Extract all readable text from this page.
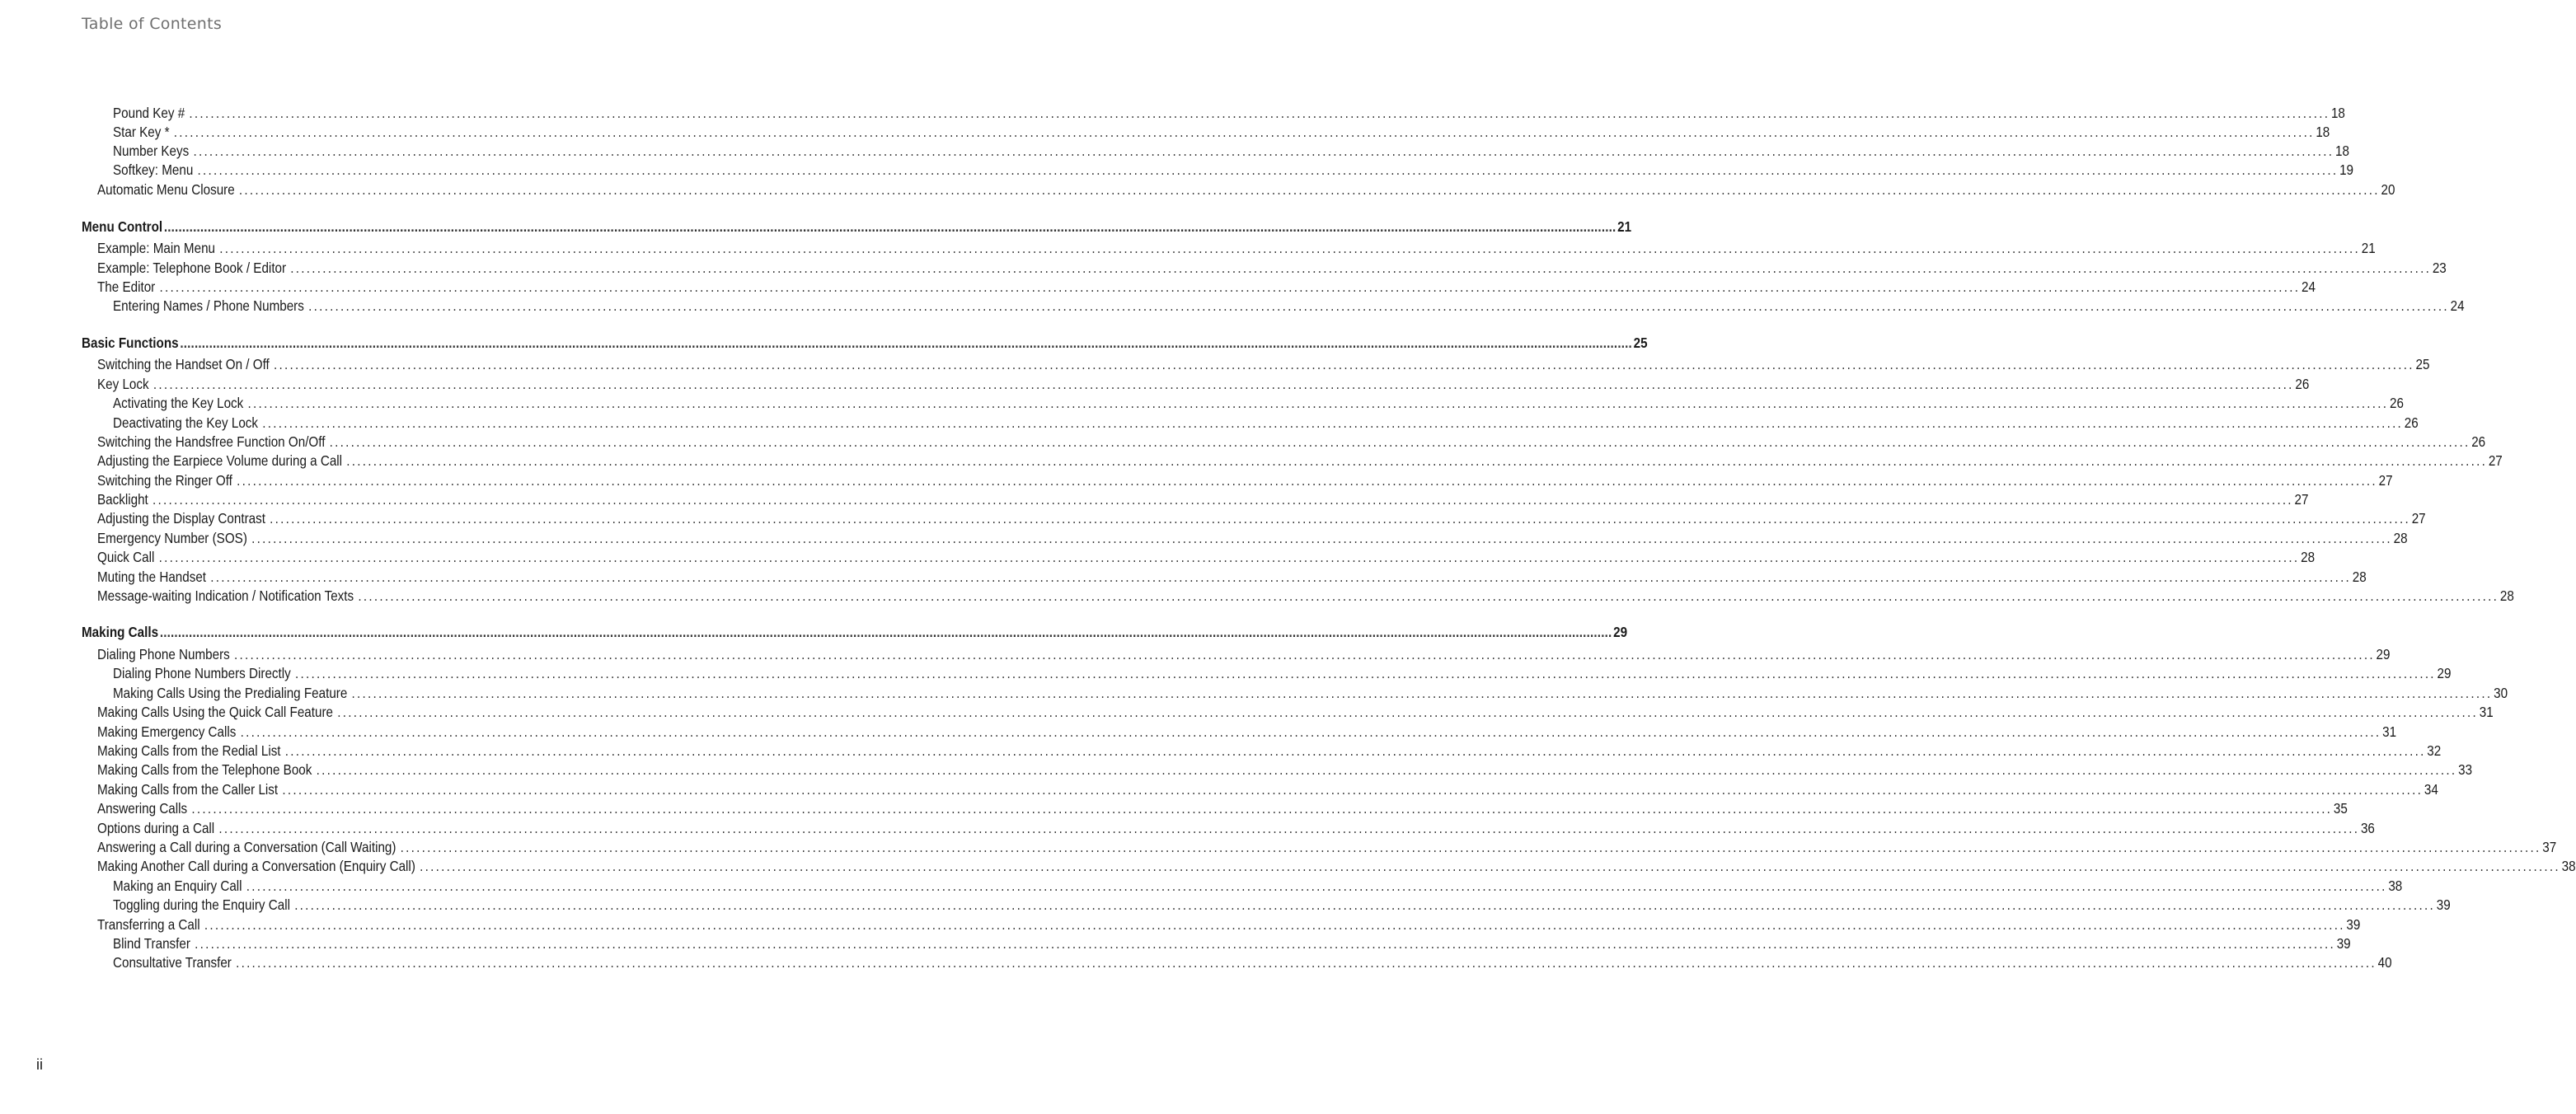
Table of Contents
Pound Key # ................................................................................................................................................................................................................................................................................................................................................................................................................ 18
Star Key * ................................................................................................................................................................................................................................................................................................................................................................................................................ 18
Number Keys ................................................................................................................................................................................................................................................................................................................................................................................................................ 18
Softkey: Menu ................................................................................................................................................................................................................................................................................................................................................................................................................ 19
Automatic Menu Closure ................................................................................................................................................................................................................................................................................................................................................................................................................ 20
Menu Control ................................................................................................................................................................................................................................................................................................................................................................................................................ 21
Example: Main Menu ................................................................................................................................................................................................................................................................................................................................................................................................................ 21
Example: Telephone Book / Editor ................................................................................................................................................................................................................................................................................................................................................................................................................ 23
The Editor ................................................................................................................................................................................................................................................................................................................................................................................................................ 24
Entering Names / Phone Numbers ................................................................................................................................................................................................................................................................................................................................................................................................................ 24
Basic Functions ................................................................................................................................................................................................................................................................................................................................................................................................................ 25
Switching the Handset On / Off ................................................................................................................................................................................................................................................................................................................................................................................................................ 25
Key Lock ................................................................................................................................................................................................................................................................................................................................................................................................................ 26
Activating the Key Lock ................................................................................................................................................................................................................................................................................................................................................................................................................ 26
Deactivating the Key Lock ................................................................................................................................................................................................................................................................................................................................................................................................................ 26
Switching the Handsfree Function On/Off ................................................................................................................................................................................................................................................................................................................................................................................................................ 26
Adjusting the Earpiece Volume during a Call ................................................................................................................................................................................................................................................................................................................................................................................................................ 27
Switching the Ringer Off ................................................................................................................................................................................................................................................................................................................................................................................................................ 27
Backlight ................................................................................................................................................................................................................................................................................................................................................................................................................ 27
Adjusting the Display Contrast ................................................................................................................................................................................................................................................................................................................................................................................................................ 27
Emergency Number (SOS) ................................................................................................................................................................................................................................................................................................................................................................................................................ 28
Quick Call ................................................................................................................................................................................................................................................................................................................................................................................................................ 28
Muting the Handset ................................................................................................................................................................................................................................................................................................................................................................................................................ 28
Message-waiting Indication / Notification Texts ................................................................................................................................................................................................................................................................................................................................................................................................................ 28
Making Calls ................................................................................................................................................................................................................................................................................................................................................................................................................ 29
Dialing Phone Numbers ................................................................................................................................................................................................................................................................................................................................................................................................................ 29
Dialing Phone Numbers Directly ................................................................................................................................................................................................................................................................................................................................................................................................................ 29
Making Calls Using the Predialing Feature ................................................................................................................................................................................................................................................................................................................................................................................................................ 30
Making Calls Using the Quick Call Feature ................................................................................................................................................................................................................................................................................................................................................................................................................ 31
Making Emergency Calls ................................................................................................................................................................................................................................................................................................................................................................................................................ 31
Making Calls from the Redial List ................................................................................................................................................................................................................................................................................................................................................................................................................ 32
Making Calls from the Telephone Book ................................................................................................................................................................................................................................................................................................................................................................................................................ 33
Making Calls from the Caller List ................................................................................................................................................................................................................................................................................................................................................................................................................ 34
Answering Calls ................................................................................................................................................................................................................................................................................................................................................................................................................ 35
Options during a Call ................................................................................................................................................................................................................................................................................................................................................................................................................ 36
Answering a Call during a Conversation (Call Waiting) ................................................................................................................................................................................................................................................................................................................................................................................................................ 37
Making Another Call during a Conversation (Enquiry Call) ................................................................................................................................................................................................................................................................................................................................................................................................................ 38
Making an Enquiry Call ................................................................................................................................................................................................................................................................................................................................................................................................................ 38
Toggling during the Enquiry Call ................................................................................................................................................................................................................................................................................................................................................................................................................ 39
Transferring a Call ................................................................................................................................................................................................................................................................................................................................................................................................................ 39
Blind Transfer ................................................................................................................................................................................................................................................................................................................................................................................................................ 39
Consultative Transfer ................................................................................................................................................................................................................................................................................................................................................................................................................ 40
ii
